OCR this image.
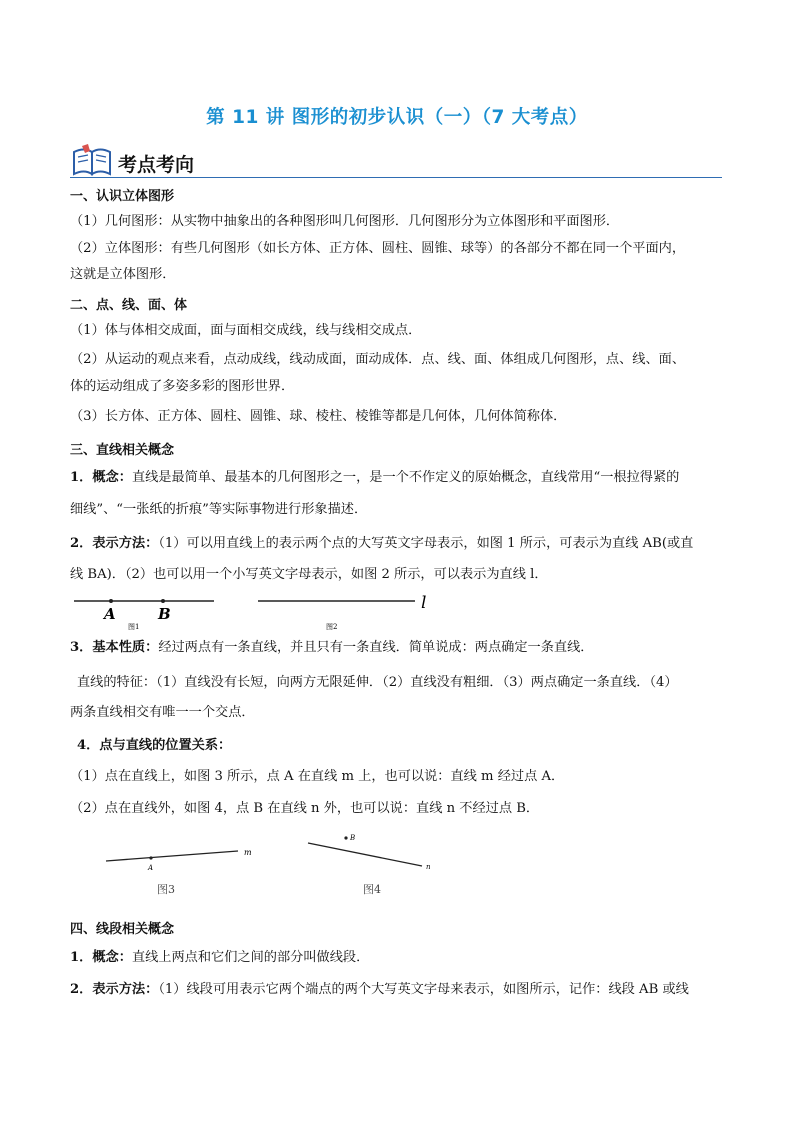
第 11 讲 图形的初步认识（一）（7 大考点）
考点考向
一、认识立体图形
（1）几何图形：从实物中抽象出的各种图形叫几何图形．几何图形分为立体图形和平面图形．
（2）立体图形：有些几何图形（如长方体、正方体、圆柱、圆锥、球等）的各部分不都在同一个平面内，
这就是立体图形．
二、点、线、面、体
（1）体与体相交成面，面与面相交成线，线与线相交成点．
（2）从运动的观点来看，点动成线，线动成面，面动成体．点、线、面、体组成几何图形，点、线、面、
体的运动组成了多姿多彩的图形世界．
（3）长方体、正方体、圆柱、圆锥、球、棱柱、棱锥等都是几何体，几何体简称体．
三、直线相关概念
1．概念：直线是最简单、最基本的几何图形之一，是一个不作定义的原始概念，直线常用“一根拉得紧的
细线”、“一张纸的折痕”等实际事物进行形象描述．
2．表示方法：（1）可以用直线上的表示两个点的大写英文字母表示，如图 1 所示，可表示为直线 AB(或直
线 BA)．（2）也可以用一个小写英文字母表示，如图 2 所示，可以表示为直线 l．
A	B
图1
l
图2
3．基本性质：经过两点有一条直线，并且只有一条直线．简单说成：两点确定一条直线．
直线的特征：（1）直线没有长短，向两方无限延伸．（2）直线没有粗细．（3）两点确定一条直线．（4）
两条直线相交有唯一一个交点．
4．点与直线的位置关系：
（1）点在直线上，如图 3 所示，点 A 在直线 m 上，也可以说：直线 m 经过点 A．
（2）点在直线外，如图 4，点 B 在直线 n 外，也可以说：直线 n 不经过点 B．
A
m
图3
B
n
图4
四、线段相关概念
1．概念：直线上两点和它们之间的部分叫做线段．
2．表示方法：（1）线段可用表示它两个端点的两个大写英文字母来表示，如图所示，记作：线段 AB 或线
